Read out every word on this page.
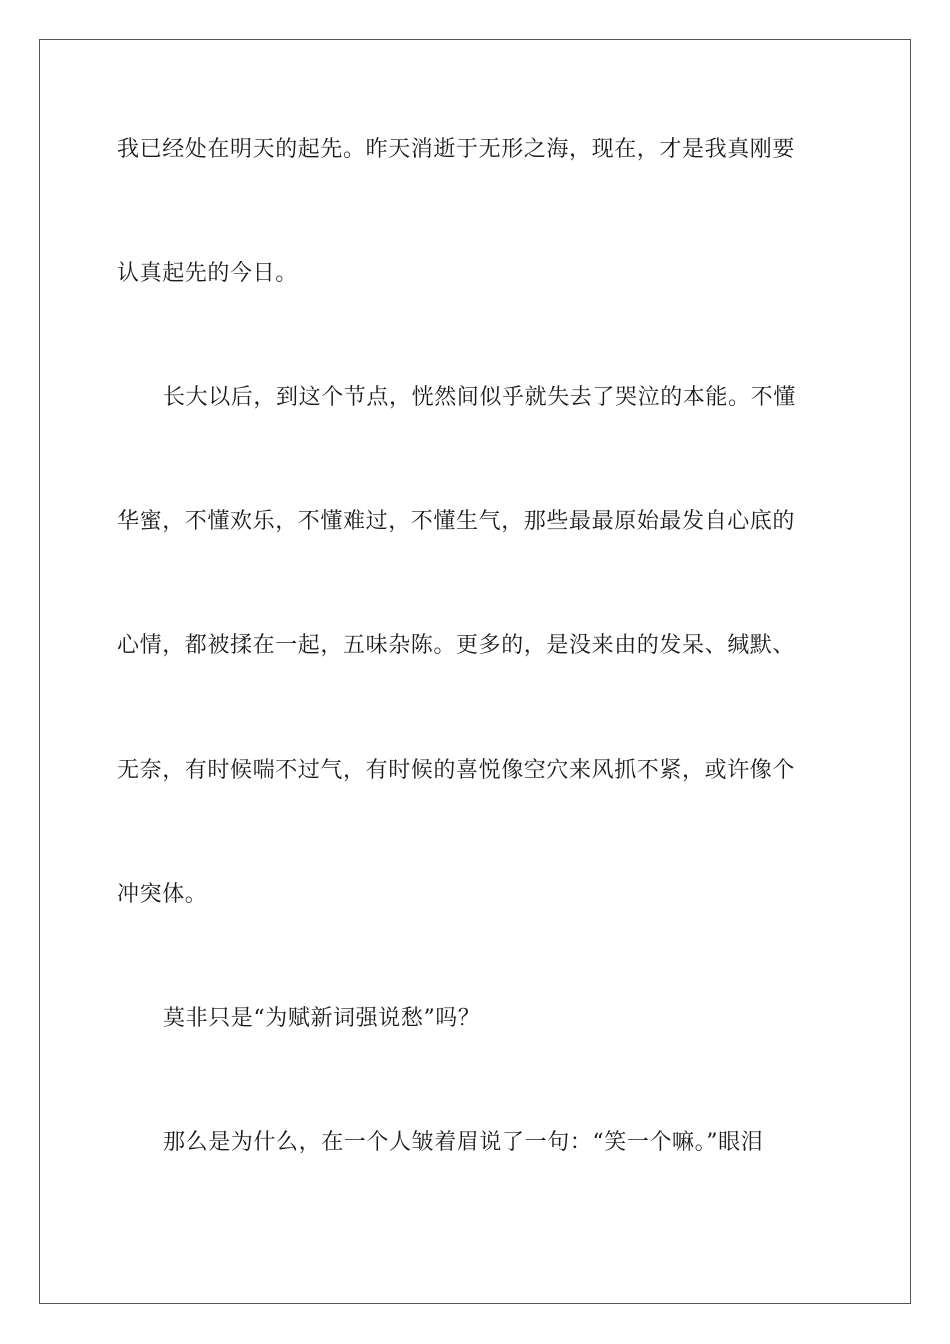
我已经处在明天的起先。昨天消逝于无形之海，现在，才是我真刚要
认真起先的今日。
长大以后，到这个节点，恍然间似乎就失去了哭泣的本能。不懂
华蜜，不懂欢乐，不懂难过，不懂生气，那些最最原始最发自心底的
心情，都被揉在一起，五味杂陈。更多的，是没来由的发呆、缄默、
无奈，有时候喘不过气，有时候的喜悦像空穴来风抓不紧，或许像个
冲突体。
莫非只是“为赋新词强说愁”吗？
那么是为什么，在一个人皱着眉说了一句：“笑一个嘛。”眼泪
